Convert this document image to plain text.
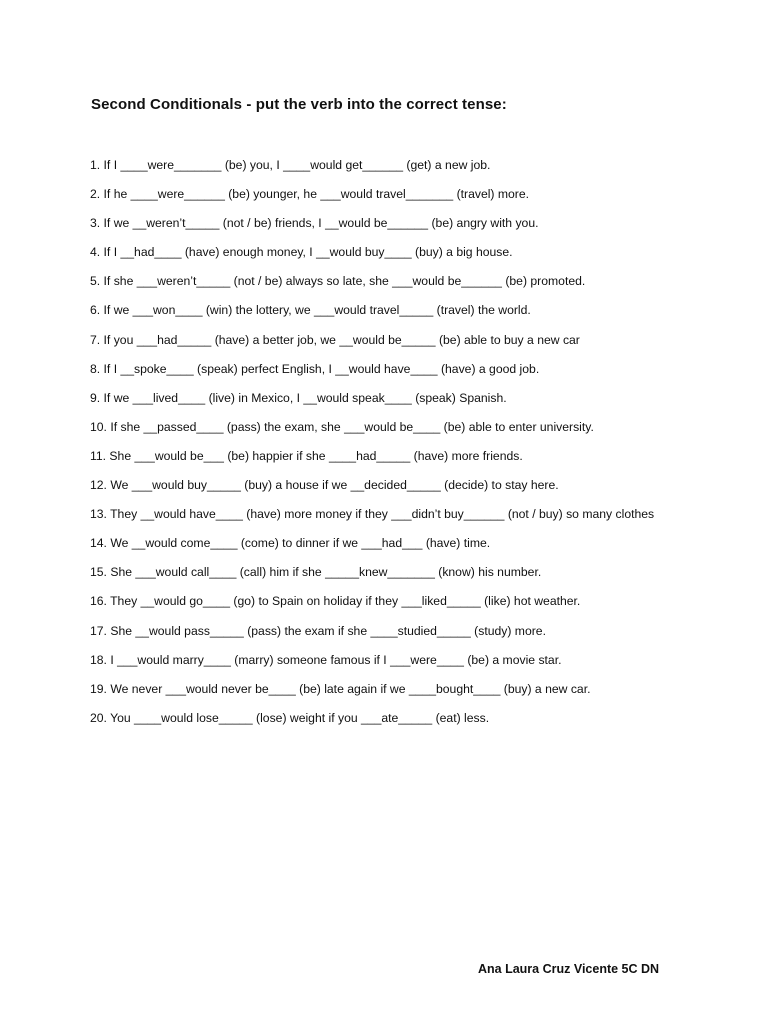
Second Conditionals - put the verb into the correct tense:
1. If I ____were_______ (be) you, I ____would get______ (get) a new job.
2. If he ____were______ (be) younger, he ___would travel_______ (travel) more.
3. If we __weren’t_____ (not / be) friends, I __would be______ (be) angry with you.
4. If I __had____ (have) enough money, I __would buy____ (buy) a big house.
5. If she ___weren’t_____ (not / be) always so late, she ___would be______ (be) promoted.
6. If we ___won____ (win) the lottery, we ___would travel_____ (travel) the world.
7. If you ___had_____ (have) a better job, we __would be_____ (be) able to buy a new car
8. If I __spoke____ (speak) perfect English, I __would have____ (have) a good job.
9. If we ___lived____ (live) in Mexico, I __would speak____ (speak) Spanish.
10. If she __passed____ (pass) the exam, she ___would be____ (be) able to enter university.
11. She ___would be___ (be) happier if she ____had_____ (have) more friends.
12. We ___would buy_____ (buy) a house if we __decided_____ (decide) to stay here.
13. They __would have____ (have) more money if they ___didn’t buy______ (not / buy) so many clothes
14. We __would come____ (come) to dinner if we ___had___ (have) time.
15. She ___would call____ (call) him if she _____knew_______ (know) his number.
16. They __would go____ (go) to Spain on holiday if they ___liked_____ (like) hot weather.
17. She __would pass_____ (pass) the exam if she ____studied_____ (study) more.
18. I ___would marry____ (marry) someone famous if I ___were____ (be) a movie star.
19. We never ___would never be____ (be) late again if we ____bought____ (buy) a new car.
20. You ____would lose_____ (lose) weight if you ___ate_____ (eat) less.
Ana Laura Cruz Vicente 5C DN
